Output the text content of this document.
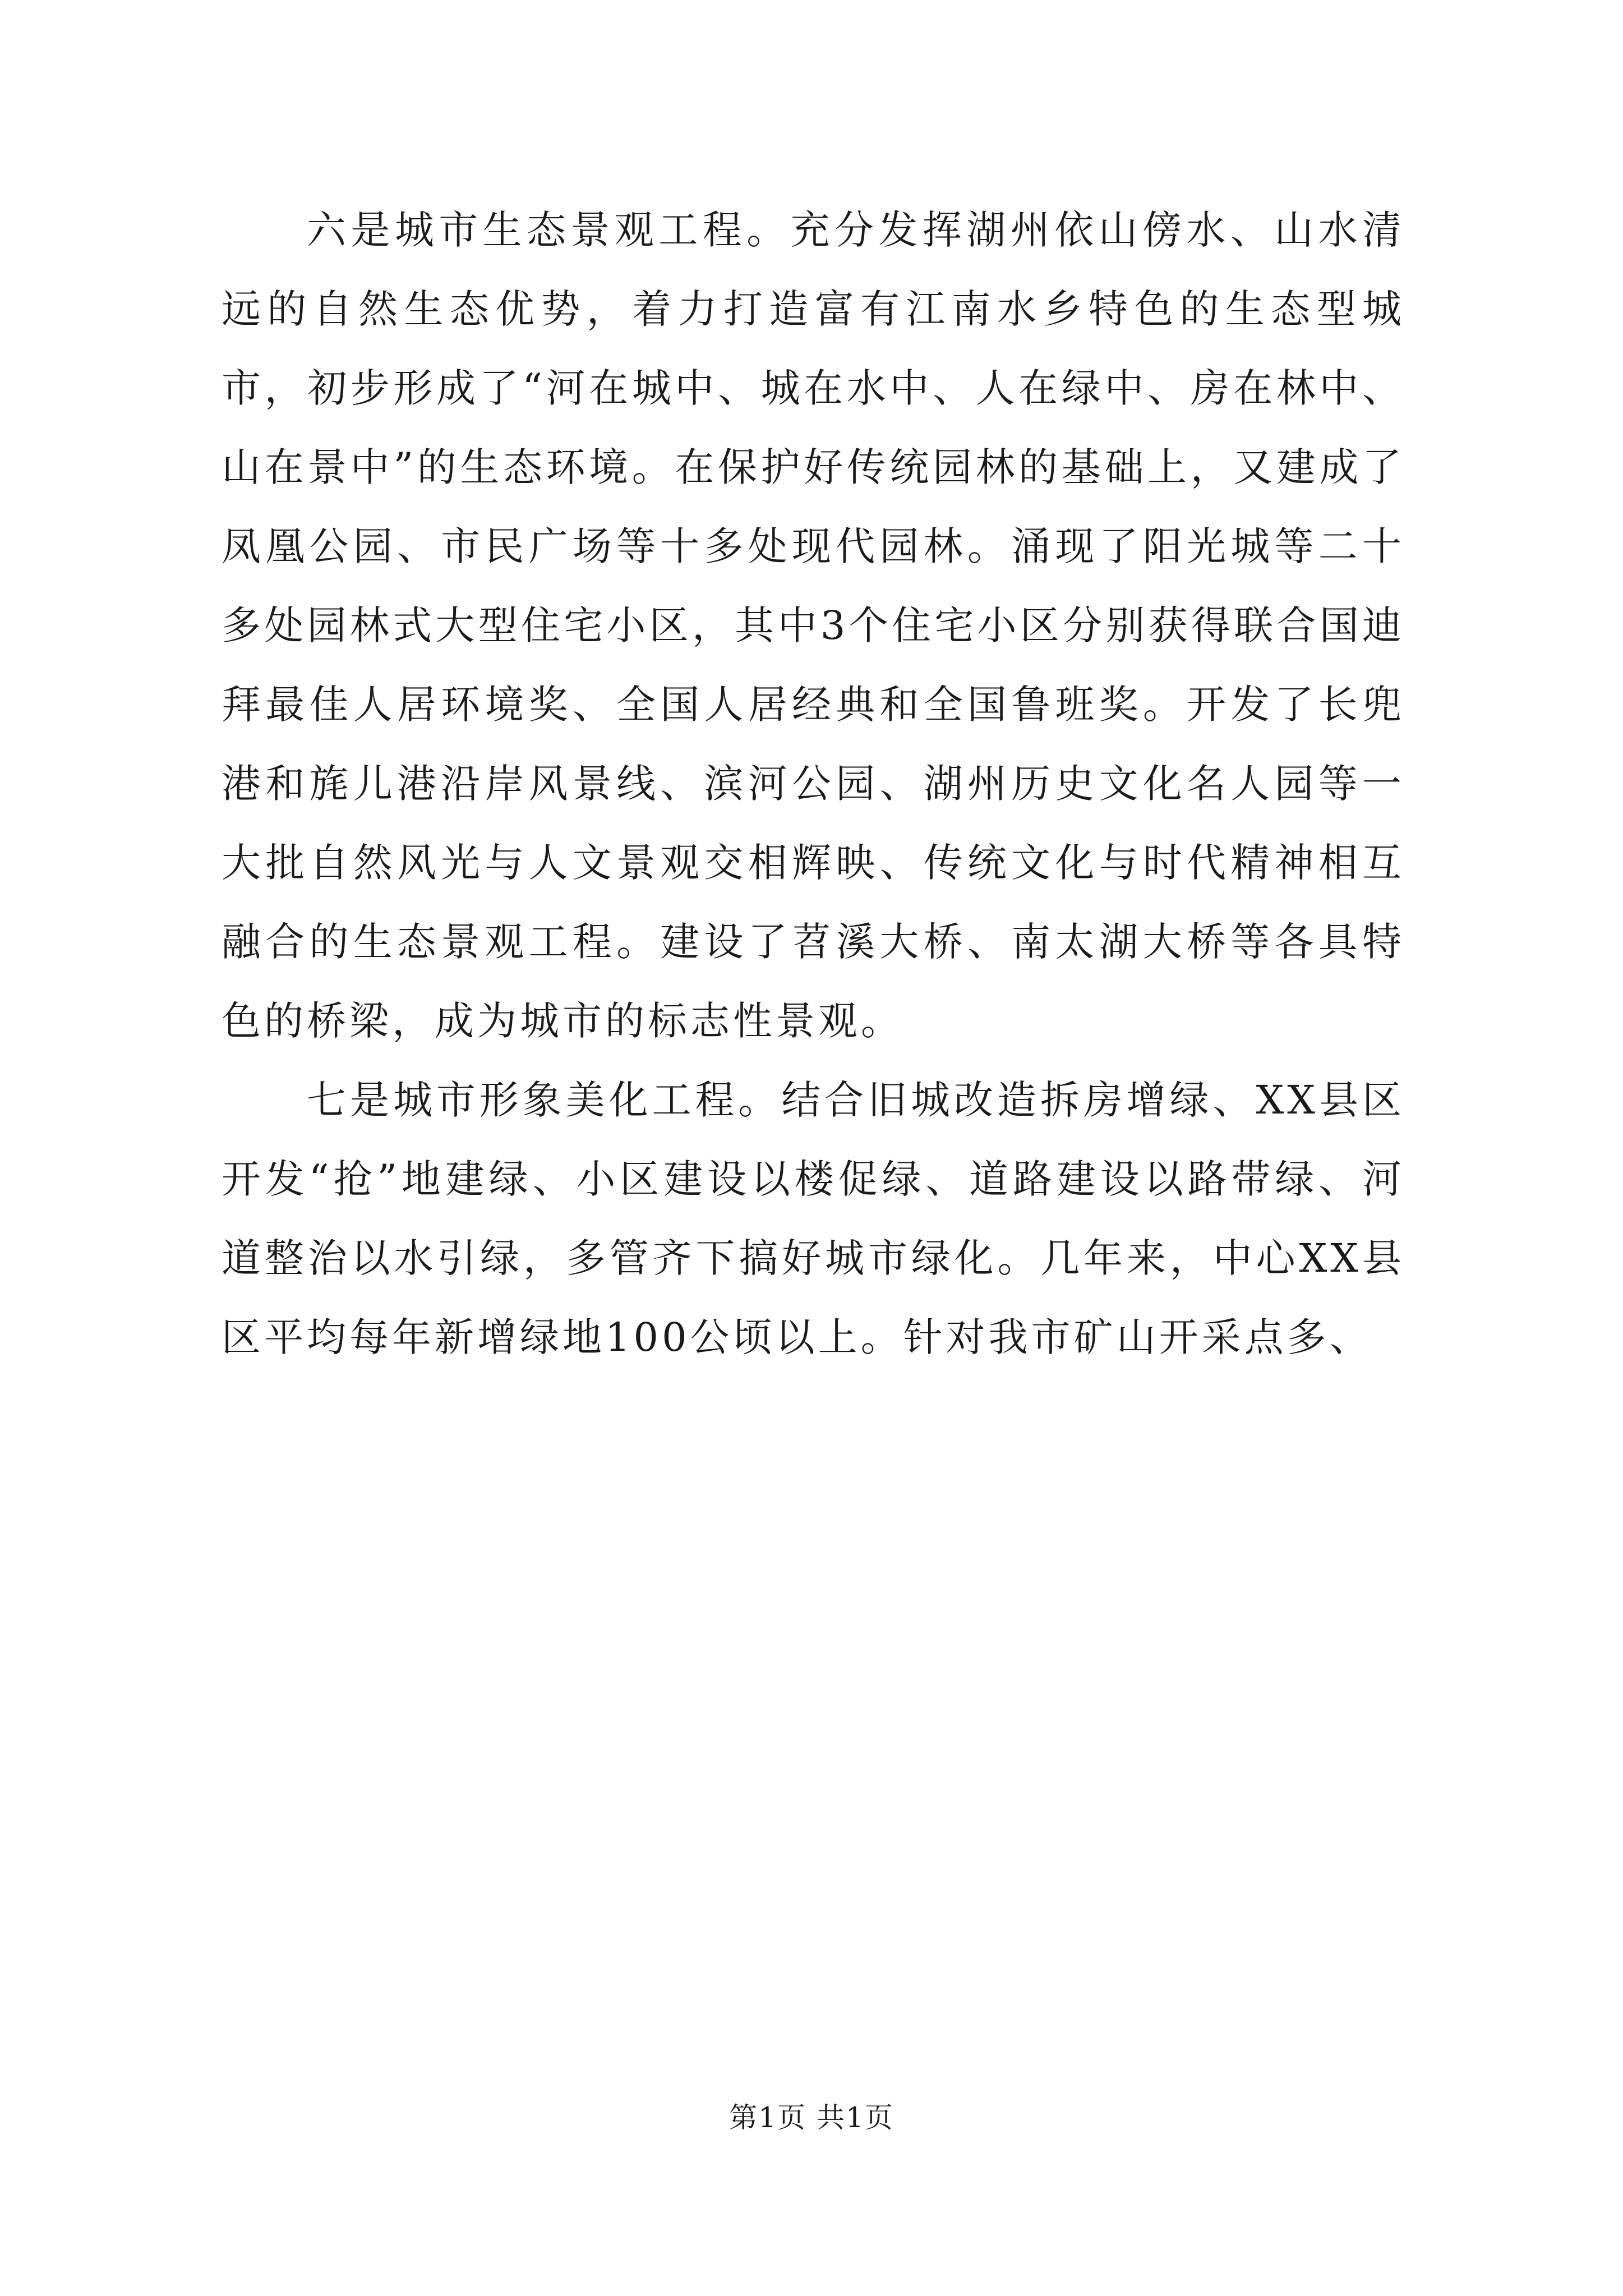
六是城市生态景观工程。充分发挥湖州依山傍水、山水清远的自然生态优势，着力打造富有江南水乡特色的生态型城市，初步形成了“河在城中、城在水中、人在绿中、房在林中、山在景中”的生态环境。在保护好传统园林的基础上，又建成了凤凰公园、市民广场等十多处现代园林。涌现了阳光城等二十多处园林式大型住宅小区，其中3个住宅小区分别获得联合国迪拜最佳人居环境奖、全国人居经典和全国鲁班奖。开发了长兜港和旄儿港沿岸风景线、滨河公园、湖州历史文化名人园等一大批自然风光与人文景观交相辉映、传统文化与时代精神相互融合的生态景观工程。建设了苕溪大桥、南太湖大桥等各具特色的桥梁，成为城市的标志性景观。

七是城市形象美化工程。结合旧城改造拆房增绿、XX县区开发“抢”地建绿、小区建设以楼促绿、道路建设以路带绿、河道整治以水引绿，多管齐下搞好城市绿化。几年来，中心XX县区平均每年新增绿地100公顷以上。针对我市矿山开采点多、

第1页 共1页
